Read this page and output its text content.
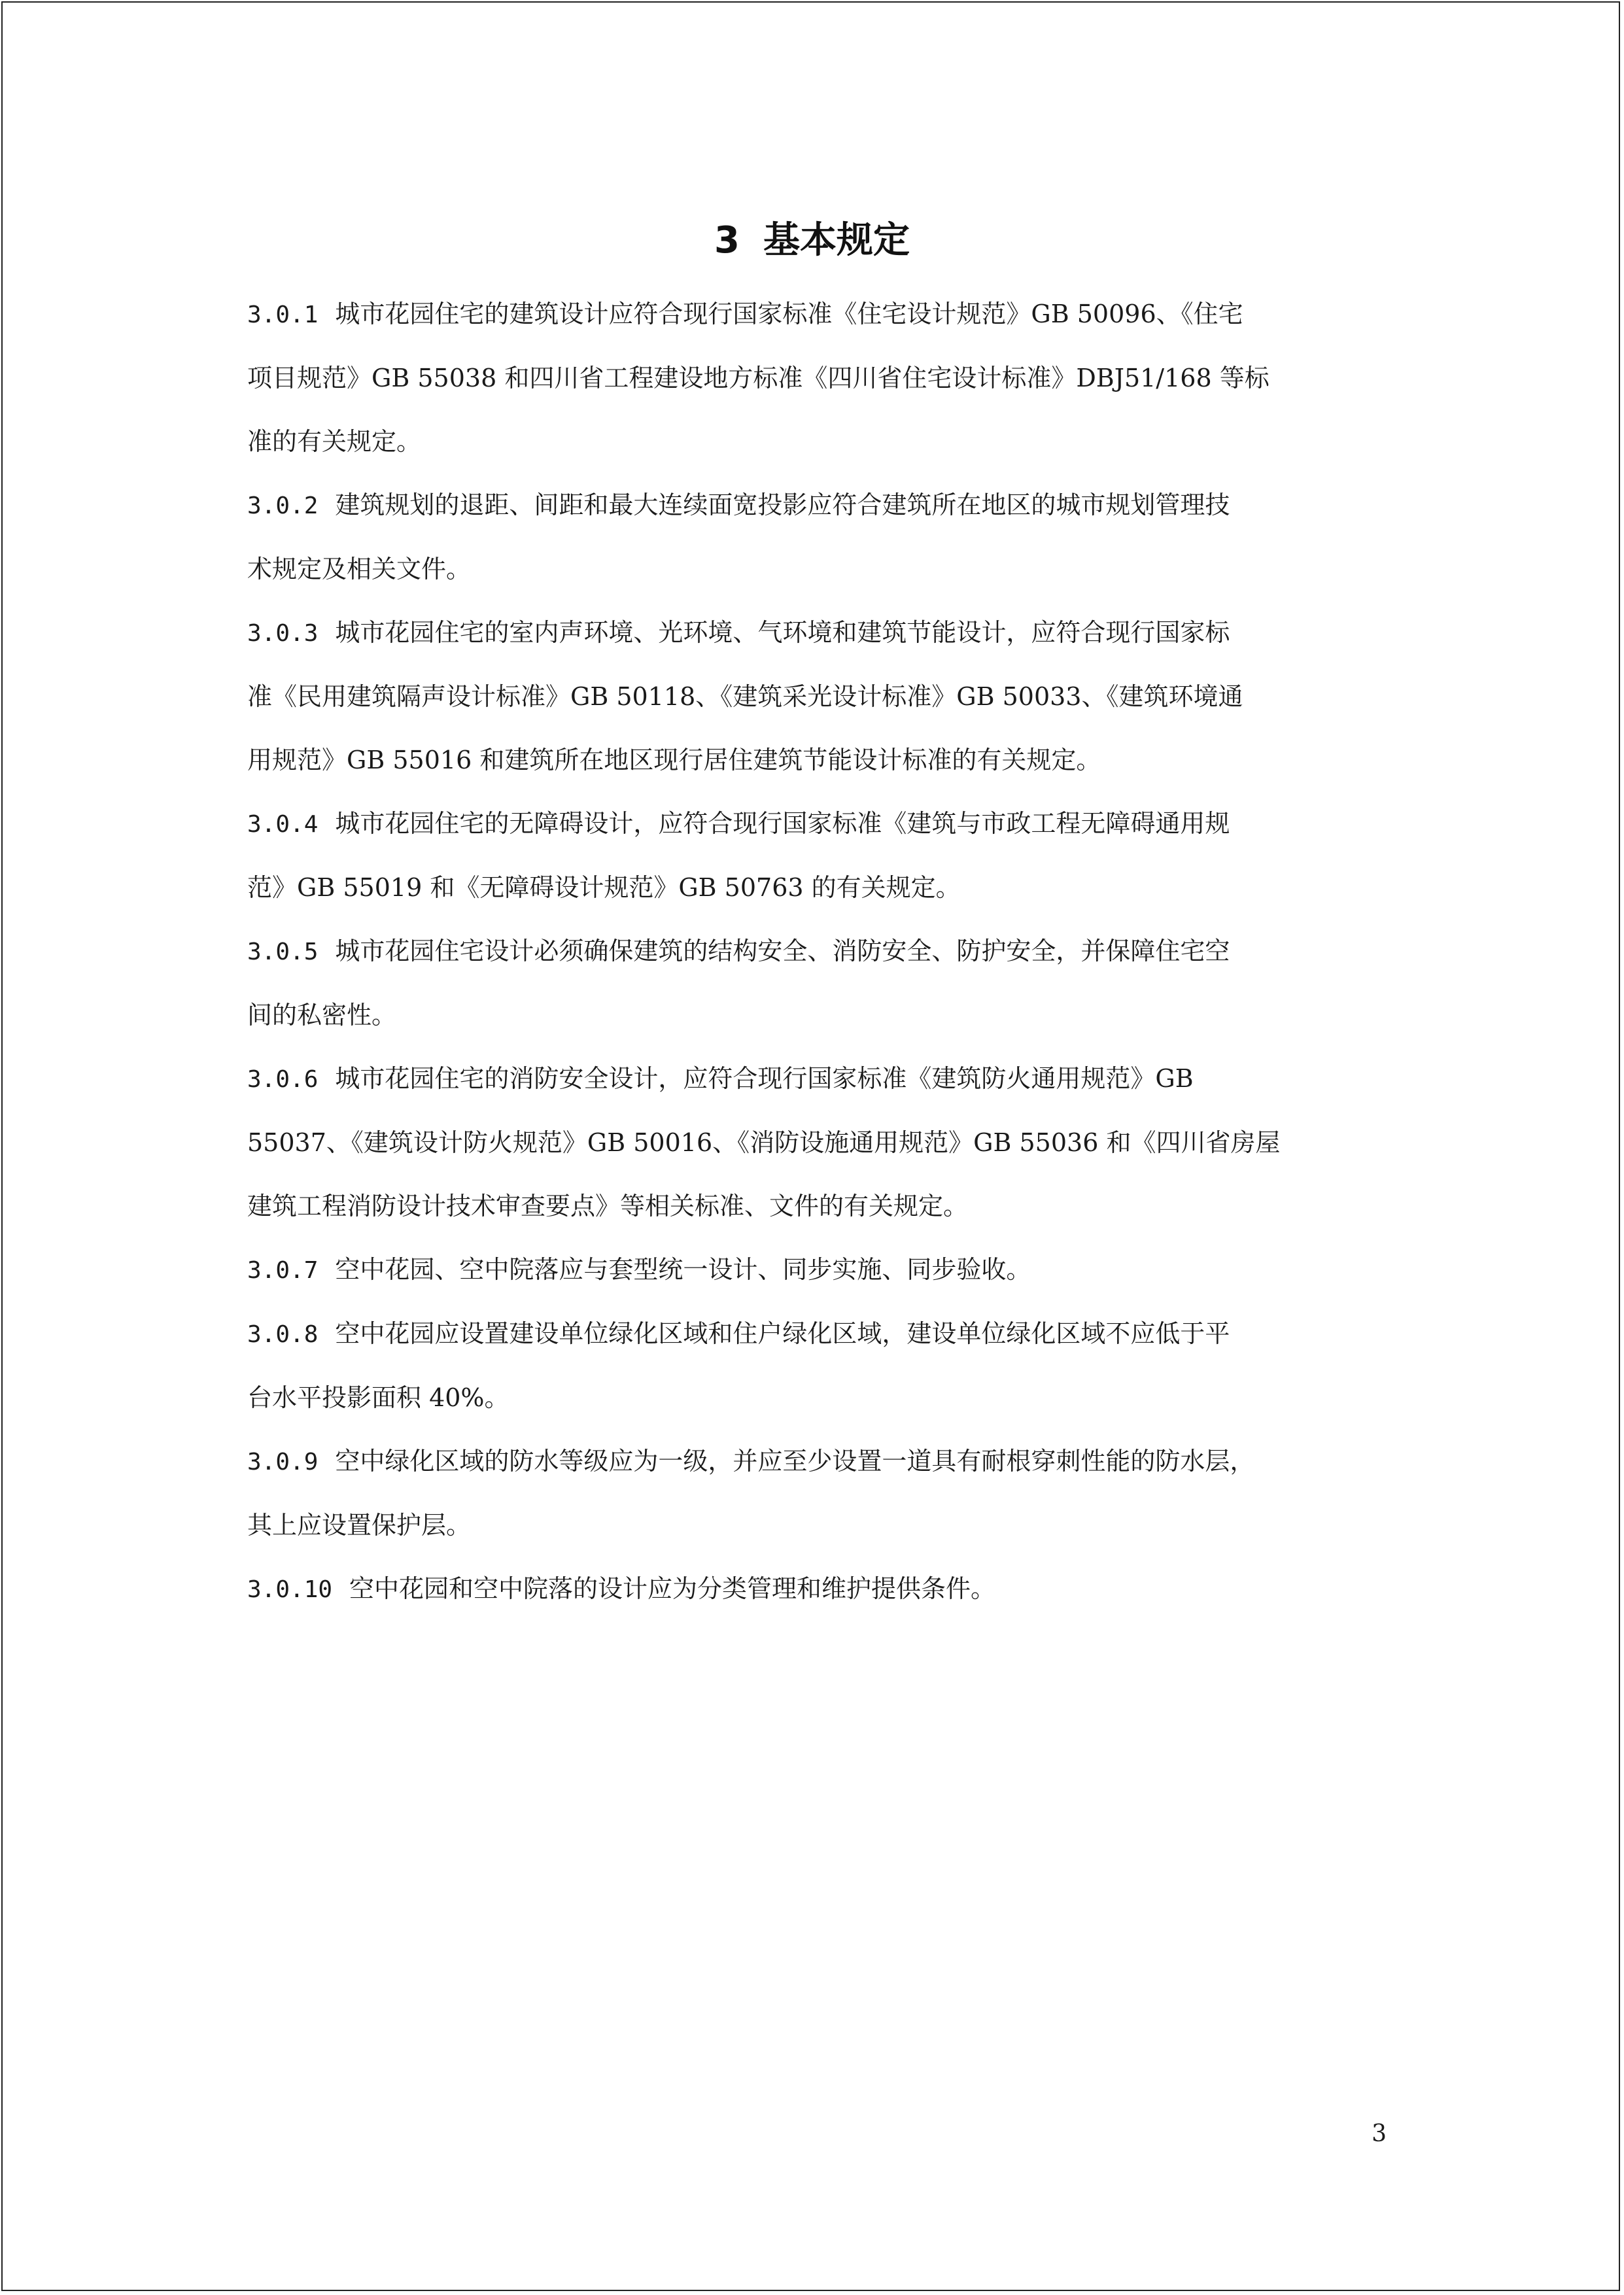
3 基本规定

3.0.1 城市花园住宅的建筑设计应符合现行国家标准《住宅设计规范》GB 50096、《住宅

项目规范》GB 55038 和四川省工程建设地方标准《四川省住宅设计标准》DBJ51/168 等标

准的有关规定。

3.0.2 建筑规划的退距、间距和最大连续面宽投影应符合建筑所在地区的城市规划管理技

术规定及相关文件。

3.0.3 城市花园住宅的室内声环境、光环境、气环境和建筑节能设计，应符合现行国家标

准《民用建筑隔声设计标准》GB 50118、《建筑采光设计标准》GB 50033、《建筑环境通

用规范》GB 55016 和建筑所在地区现行居住建筑节能设计标准的有关规定。

3.0.4 城市花园住宅的无障碍设计，应符合现行国家标准《建筑与市政工程无障碍通用规

范》GB 55019 和《无障碍设计规范》GB 50763 的有关规定。

3.0.5 城市花园住宅设计必须确保建筑的结构安全、消防安全、防护安全，并保障住宅空

间的私密性。

3.0.6 城市花园住宅的消防安全设计，应符合现行国家标准《建筑防火通用规范》GB

55037、《建筑设计防火规范》GB 50016、《消防设施通用规范》GB 55036 和《四川省房屋

建筑工程消防设计技术审查要点》等相关标准、文件的有关规定。

3.0.7 空中花园、空中院落应与套型统一设计、同步实施、同步验收。

3.0.8 空中花园应设置建设单位绿化区域和住户绿化区域，建设单位绿化区域不应低于平

台水平投影面积 40%。

3.0.9 空中绿化区域的防水等级应为一级，并应至少设置一道具有耐根穿刺性能的防水层，

其上应设置保护层。

3.0.10 空中花园和空中院落的设计应为分类管理和维护提供条件。

3
